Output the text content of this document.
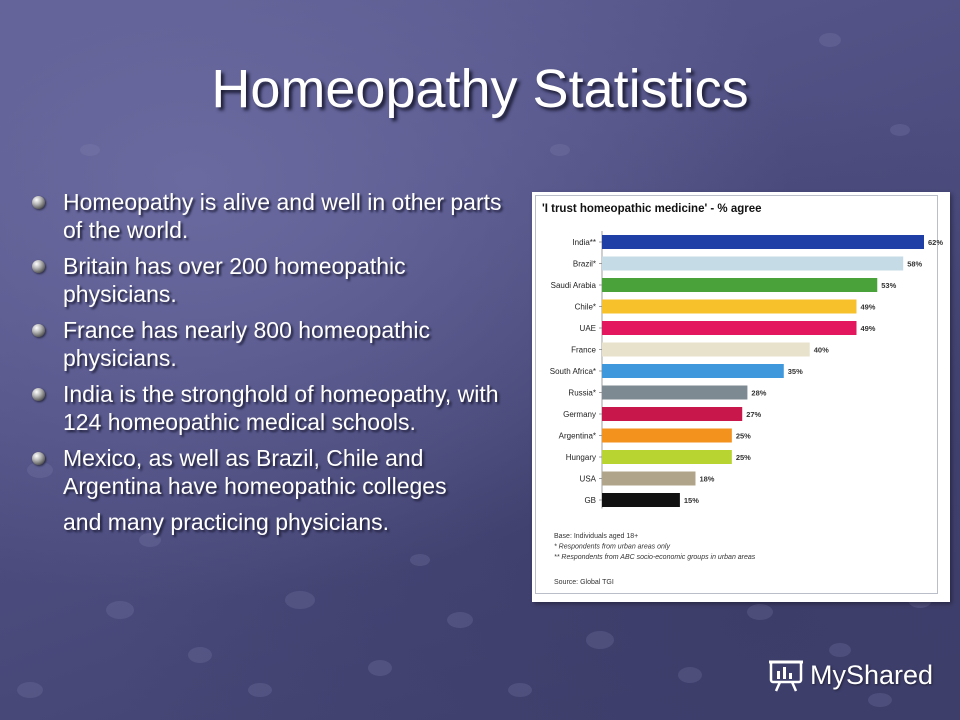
Homeopathy Statistics
Homeopathy is alive and well in other parts of the world.
Britain has over 200 homeopathic physicians.
France has nearly 800 homeopathic physicians.
India is the stronghold of homeopathy, with 124 homeopathic medical schools.
Mexico, as well as Brazil, Chile and Argentina have homeopathic colleges
and many practicing physicians.
'I trust homeopathic medicine' - % agree
India**	62%
Brazil*	58%
Saudi Arabia	53%
Chile*	49%
UAE	49%
France	40%
South Africa*	35%
Russia*	28%
Germany	27%
Argentina*	25%
Hungary	25%
USA	18%
GB	15%
Base: Individuals aged 18+
* Respondents from urban areas only
** Respondents from ABC socio-economic groups in urban areas
Source: Global TGI
MyShared
